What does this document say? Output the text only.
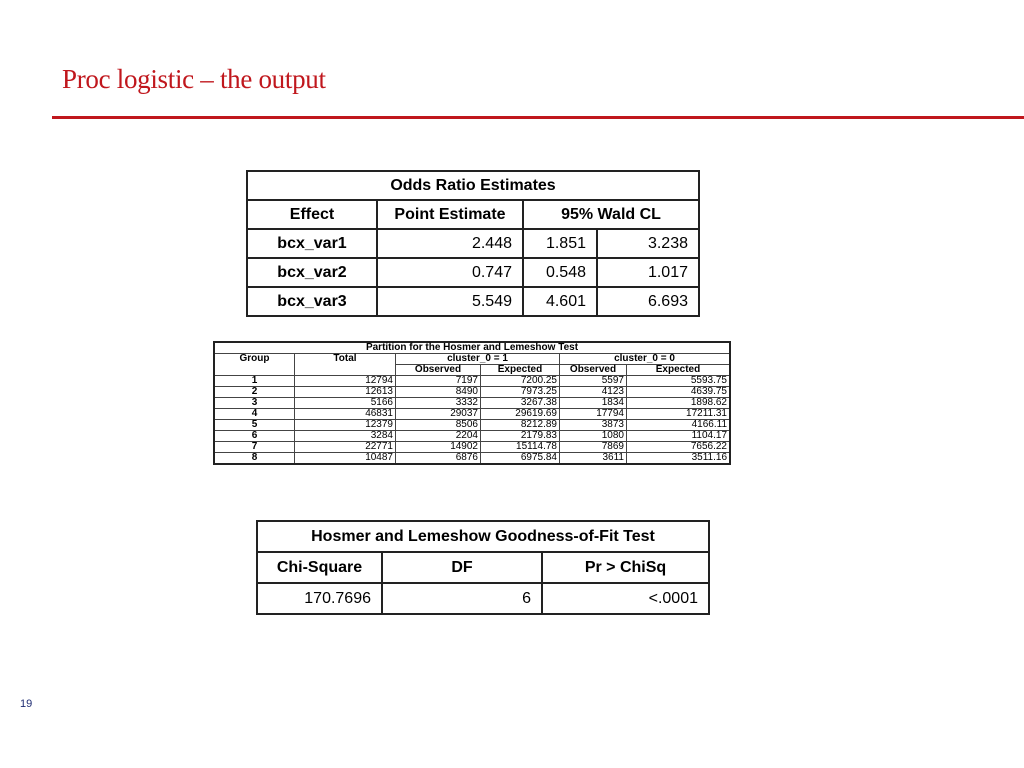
Proc logistic – the output
Odds Ratio Estimates			
Effect	Point Estimate	95% Wald CL	
bcx_var1	2.448	1.851	3.238
bcx_var2	0.747	0.548	1.017
bcx_var3	5.549	4.601	6.693
Partition for the Hosmer and Lemeshow Test					
Group	Total	cluster_0 = 1		cluster_0 = 0	
		Observed	Expected	Observed	Expected

1	12794	7197	7200.25	5597	5593.75
2	12613	8490	7973.25	4123	4639.75
3	5166	3332	3267.38	1834	1898.62
4	46831	29037	29619.69	17794	17211.31
5	12379	8506	8212.89	3873	4166.11
6	3284	2204	2179.83	1080	1104.17
7	22771	14902	15114.78	7869	7656.22
8	10487	6876	6975.84	3611	3511.16
Hosmer and Lemeshow Goodness-of-Fit Test		
Chi-Square	DF	Pr > ChiSq
170.7696	6	<.0001
19
